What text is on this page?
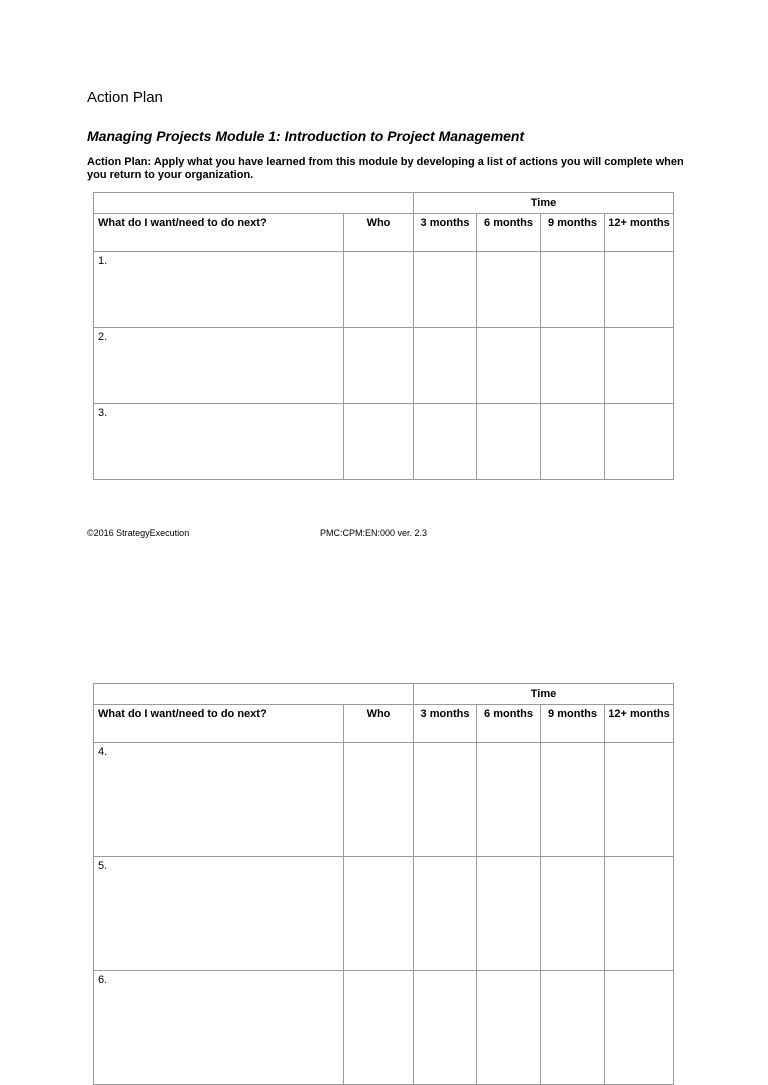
Action Plan
Managing Projects Module 1: Introduction to Project Management
Action Plan: Apply what you have learned from this module by developing a list of actions you will complete when you return to your organization.
		Time			
What do I want/need to do next?	Who	3 months	6 months	9 months	12+ months
1.					
2.					
3.					
©2016 StrategyExecution	PMC:CPM:EN:000 ver. 2.3
		Time			
What do I want/need to do next?	Who	3 months	6 months	9 months	12+ months
4.					
5.					
6.					
